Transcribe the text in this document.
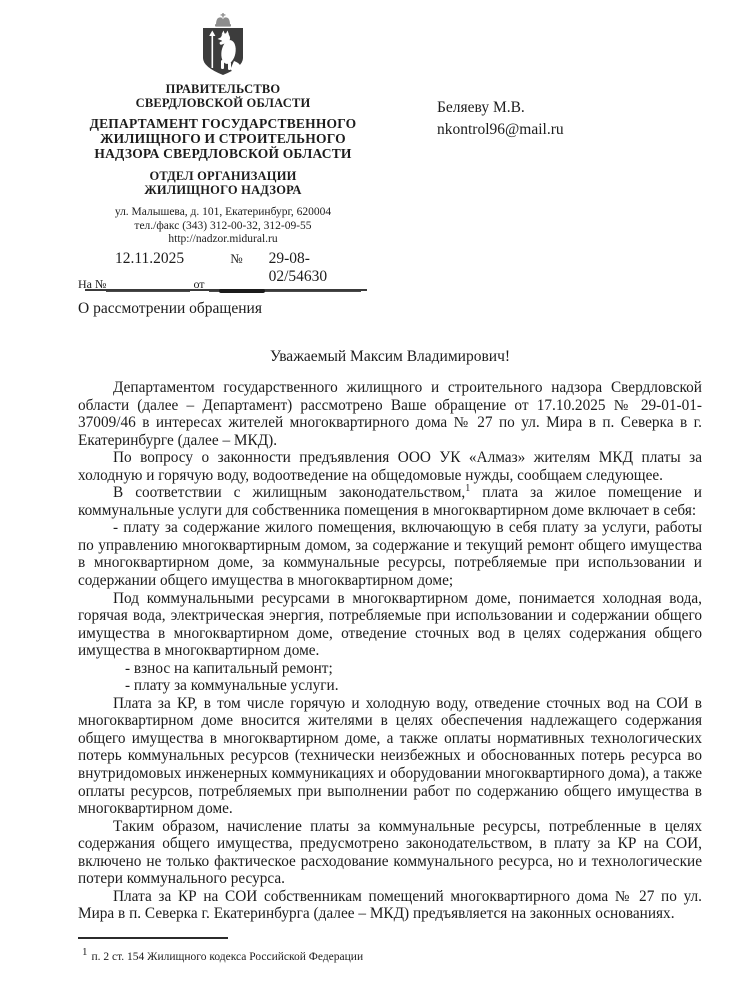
ПРАВИТЕЛЬСТВО
СВЕРДЛОВСКОЙ ОБЛАСТИ
ДЕПАРТАМЕНТ ГОСУДАРСТВЕННОГО
ЖИЛИЩНОГО И СТРОИТЕЛЬНОГО
НАДЗОРА СВЕРДЛОВСКОЙ ОБЛАСТИ
ОТДЕЛ ОРГАНИЗАЦИИ
ЖИЛИЩНОГО НАДЗОРА
ул. Малышева, д. 101, Екатеринбург, 620004
тел./факс (343) 312-00-32, 312-09-55
http://nadzor.midural.ru
Беляеву М.В.
nkontrol96@mail.ru
12.11.2025	№ 29-08-02/54630
На №	от
О рассмотрении обращения
Уважаемый Максим Владимирович!

Департаментом государственного жилищного и строительного надзора Свердловской области (далее – Департамент) рассмотрено Ваше обращение от 17.10.2025 № 29-01-01-37009/46 в интересах жителей многоквартирного дома № 27 по ул. Мира в п. Северка в г. Екатеринбурге (далее – МКД).

По вопросу о законности предъявления ООО УК «Алмаз» жителям МКД платы за холодную и горячую воду, водоотведение на общедомовые нужды, сообщаем следующее.

В соответствии с жилищным законодательством,$^1$ плата за жилое помещение и коммунальные услуги для собственника помещения в многоквартирном доме включает в себя:

- плату за содержание жилого помещения, включающую в себя плату за услуги, работы по управлению многоквартирным домом, за содержание и текущий ремонт общего имущества в многоквартирном доме, за коммунальные ресурсы, потребляемые при использовании и содержании общего имущества в многоквартирном доме;

Под коммунальными ресурсами в многоквартирном доме, понимается холодная вода, горячая вода, электрическая энергия, потребляемые при использовании и содержании общего имущества в многоквартирном доме, отведение сточных вод в целях содержания общего имущества в многоквартирном доме.

- взнос на капитальный ремонт;

- плату за коммунальные услуги.

Плата за КР, в том числе горячую и холодную воду, отведение сточных вод на СОИ в многоквартирном доме вносится жителями в целях обеспечения надлежащего содержания общего имущества в многоквартирном доме, а также оплаты нормативных технологических потерь коммунальных ресурсов (технически неизбежных и обоснованных потерь ресурса во внутридомовых инженерных коммуникациях и оборудовании многоквартирного дома), а также оплаты ресурсов, потребляемых при выполнении работ по содержанию общего имущества в многоквартирном доме.

Таким образом, начисление платы за коммунальные ресурсы, потребленные в целях содержания общего имущества, предусмотрено законодательством, в плату за КР на СОИ, включено не только фактическое расходование коммунального ресурса, но и технологические потери коммунального ресурса.

Плата за КР на СОИ собственникам помещений многоквартирного дома № 27 по ул. Мира в п. Северка г. Екатеринбурга (далее – МКД) предъявляется на законных основаниях.

$^1$ п. 2 ст. 154 Жилищного кодекса Российской Федерации
